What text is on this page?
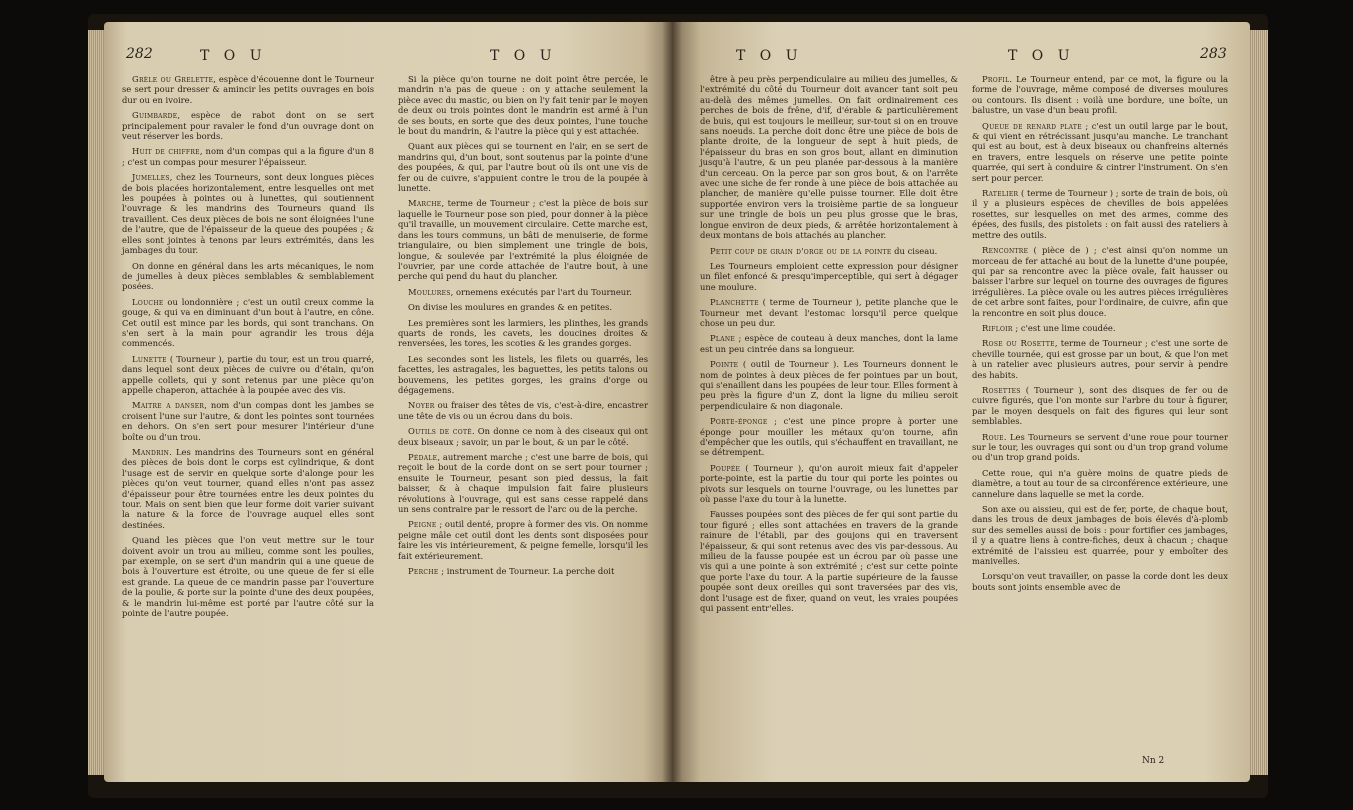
282	T O U	T O U

Grèle ou Grelette, espèce d'écouenne dont le Tourneur se sert pour dresser & amincir les petits ouvrages en bois dur ou en ivoire.

Guimbarde, espèce de rabot dont on se sert principalement pour ravaler le fond d'un ouvrage dont on veut réserver les bords.

Huit de chiffre, nom d'un compas qui a la figure d'un 8 ; c'est un compas pour mesurer l'épaisseur.

Jumelles, chez les Tourneurs, sont deux longues pièces de bois placées horizontalement, entre lesquelles ont met les poupées à pointes ou à lunettes, qui soutiennent l'ouvrage & les mandrins des Tourneurs quand ils travaillent. Ces deux pièces de bois ne sont éloignées l'une de l'autre, que de l'épaisseur de la queue des poupées ; & elles sont jointes à tenons par leurs extrémités, dans les jambages du tour.

On donne en général dans les arts mécaniques, le nom de jumelles à deux pièces semblables & semblablement posées.

Louche ou londonnière ; c'est un outil creux comme la gouge, & qui va en diminuant d'un bout à l'autre, en cône. Cet outil est mince par les bords, qui sont tranchans. On s'en sert à la main pour agrandir les trous déja commencés.

Lunette ( Tourneur ), partie du tour, est un trou quarré, dans lequel sont deux pièces de cuivre ou d'étain, qu'on appelle collets, qui y sont retenus par une pièce qu'on appelle chaperon, attachée à la poupée avec des vis.

Maitre a danser, nom d'un compas dont les jambes se croisent l'une sur l'autre, & dont les pointes sont tournées en dehors. On s'en sert pour mesurer l'intérieur d'une boîte ou d'un trou.

Mandrin. Les mandrins des Tourneurs sont en général des pièces de bois dont le corps est cylindrique, & dont l'usage est de servir en quelque sorte d'alonge pour les pièces qu'on veut tourner, quand elles n'ont pas assez d'épaisseur pour être tournées entre les deux pointes du tour. Mais on sent bien que leur forme doit varier suivant la nature & la force de l'ouvrage auquel elles sont destinées.

Quand les pièces que l'on veut mettre sur le tour doivent avoir un trou au milieu, comme sont les poulies, par exemple, on se sert d'un mandrin qui a une queue de bois à l'ouverture est étroite, ou une queue de fer si elle est grande. La queue de ce mandrin passe par l'ouverture de la poulie, & porte sur la pointe d'une des deux poupées, & le mandrin lui-même est porté par l'autre côté sur la pointe de l'autre poupée.

Si la pièce qu'on tourne ne doit point être percée, le mandrin n'a pas de queue : on y attache seulement la pièce avec du mastic, ou bien on l'y fait tenir par le moyen de deux ou trois pointes dont le mandrin est armé à l'un de ses bouts, en sorte que des deux pointes, l'une touche le bout du mandrin, & l'autre la pièce qui y est attachée.

Quant aux pièces qui se tournent en l'air, en se sert de mandrins qui, d'un bout, sont soutenus par la pointe d'une des poupées, & qui, par l'autre bout où ils ont une vis de fer ou de cuivre, s'appuient contre le trou de la poupée à lunette.

Marche, terme de Tourneur ; c'est la pièce de bois sur laquelle le Tourneur pose son pied, pour donner à la pièce qu'il travaille, un mouvement circulaire. Cette marche est, dans les tours communs, un bâti de menuiserie, de forme triangulaire, ou bien simplement une tringle de bois, longue, & soulevée par l'extrémité la plus éloignée de l'ouvrier, par une corde attachée de l'autre bout, à une perche qui pend du haut du plancher.

Moulures, ornemens exécutés par l'art du Tourneur.

On divise les moulures en grandes & en petites.

Les premières sont les larmiers, les plinthes, les grands quarts de ronds, les cavets, les doucines droites & renversées, les tores, les scoties & les grandes gorges.

Les secondes sont les listels, les filets ou quarrés, les facettes, les astragales, les baguettes, les petits talons ou bouvemens, les petites gorges, les grains d'orge ou dégagemens.

Noyer ou fraiser des têtes de vis, c'est-à-dire, encastrer une tête de vis ou un écrou dans du bois.

Outils de coté. On donne ce nom à des ciseaux qui ont deux biseaux ; savoir, un par le bout, & un par le côté.

Pédale, autrement marche ; c'est une barre de bois, qui reçoit le bout de la corde dont on se sert pour tourner ; ensuite le Tourneur, pesant son pied dessus, la fait baisser, & à chaque impulsion fait faire plusieurs révolutions à l'ouvrage, qui est sans cesse rappelé dans un sens contraire par le ressort de l'arc ou de la perche.

Peigne ; outil denté, propre à former des vis. On nomme peigne mâle cet outil dont les dents sont disposées pour faire les vis intérieurement, & peigne femelle, lorsqu'il les fait extérieurement.

Perche ; instrument de Tourneur. La perche doit

T O U	T O U	283

être à peu près perpendiculaire au milieu des jumelles, & l'extrémité du côté du Tourneur doit avancer tant soit peu au-delà des mêmes jumelles. On fait ordinairement ces perches de bois de frêne, d'if, d'érable & particulièrement de buis, qui est toujours le meilleur, sur-tout si on en trouve sans noeuds. La perche doit donc être une pièce de bois de plante droite, de la longueur de sept à huit pieds, de l'épaisseur du bras en son gros bout, allant en diminution jusqu'à l'autre, & un peu planée par-dessous à la manière d'un cerceau. On la perce par son gros bout, & on l'arrête avec une siche de fer ronde à une pièce de bois attachée au plancher, de manière qu'elle puisse tourner. Elle doit être supportée environ vers la troisième partie de sa longueur sur une tringle de bois un peu plus grosse que le bras, longue environ de deux pieds, & arrêtée horizontalement à deux montans de bois attachés au plancher.

Petit coup de grain d'orge ou de la pointe du ciseau.

Les Tourneurs emploient cette expression pour désigner un filet enfoncé & presqu'imperceptible, qui sert à dégager une moulure.

Planchette ( terme de Tourneur ), petite planche que le Tourneur met devant l'estomac lorsqu'il perce quelque chose un peu dur.

Plane ; espèce de couteau à deux manches, dont la lame est un peu cintrée dans sa longueur.

Pointe ( outil de Tourneur ). Les Tourneurs donnent le nom de pointes à deux pièces de fer pointues par un bout, qui s'enaillent dans les poupées de leur tour. Elles forment à peu près la figure d'un Z, dont la ligne du milieu seroit perpendiculaire & non diagonale.

Porte-éponge ; c'est une pince propre à porter une éponge pour mouiller les métaux qu'on tourne, afin d'empêcher que les outils, qui s'échauffent en travaillant, ne se détrempent.

Poupée ( Tourneur ), qu'on auroit mieux fait d'appeler porte-pointe, est la partie du tour qui porte les pointes ou pivots sur lesquels on tourne l'ouvrage, ou les lunettes par où passe l'axe du tour à la lunette.

Fausses poupées sont des pièces de fer qui sont partie du tour figuré ; elles sont attachées en travers de la grande rainure de l'établi, par des goujons qui en traversent l'épaisseur, & qui sont retenus avec des vis par-dessous. Au milieu de la fausse poupée est un écrou par où passe une vis qui a une pointe à son extrémité ; c'est sur cette pointe que porte l'axe du tour. A la partie supérieure de la fausse poupée sont deux oreilles qui sont traversées par des vis, dont l'usage est de fixer, quand on veut, les vraies poupées qui passent entr'elles.

Profil. Le Tourneur entend, par ce mot, la figure ou la forme de l'ouvrage, même composé de diverses moulures ou contours. Ils disent : voilà une bordure, une boîte, un balustre, un vase d'un beau profil.

Queue de renard plate ; c'est un outil large par le bout, & qui vient en rétrécissant jusqu'au manche. Le tranchant qui est au bout, est à deux biseaux ou chanfreins alternés en travers, entre lesquels on réserve une petite pointe quarrée, qui sert à conduire & cintrer l'instrument. On s'en sert pour percer.

Ratelier ( terme de Tourneur ) ; sorte de train de bois, où il y a plusieurs espèces de chevilles de bois appelées rosettes, sur lesquelles on met des armes, comme des épées, des fusils, des pistolets : on fait aussi des rateliers à mettre des outils.

Rencontre ( pièce de ) ; c'est ainsi qu'on nomme un morceau de fer attaché au bout de la lunette d'une poupée, qui par sa rencontre avec la pièce ovale, fait hausser ou baisser l'arbre sur lequel on tourne des ouvrages de figures irrégulières. La pièce ovale ou les autres pièces irrégulières de cet arbre sont faites, pour l'ordinaire, de cuivre, afin que la rencontre en soit plus douce.

Rifloir ; c'est une lime coudée.

Rose ou Rosette, terme de Tourneur ; c'est une sorte de cheville tournée, qui est grosse par un bout, & que l'on met à un ratelier avec plusieurs autres, pour servir à pendre des habits.

Rosettes ( Tourneur ), sont des disques de fer ou de cuivre figurés, que l'on monte sur l'arbre du tour à figurer, par le moyen desquels on fait des figures qui leur sont semblables.

Roue. Les Tourneurs se servent d'une roue pour tourner sur le tour, les ouvrages qui sont ou d'un trop grand volume ou d'un trop grand poids.

Cette roue, qui n'a guère moins de quatre pieds de diamètre, a tout au tour de sa circonférence extérieure, une cannelure dans laquelle se met la corde.

Son axe ou aissieu, qui est de fer, porte, de chaque bout, dans les trous de deux jambages de bois élevés d'à-plomb sur des semelles aussi de bois : pour fortifier ces jambages, il y a quatre liens à contre-fiches, deux à chacun ; chaque extrémité de l'aissieu est quarrée, pour y emboîter des manivelles.

Lorsqu'on veut travailler, on passe la corde dont les deux bouts sont joints ensemble avec de

Nn 2
